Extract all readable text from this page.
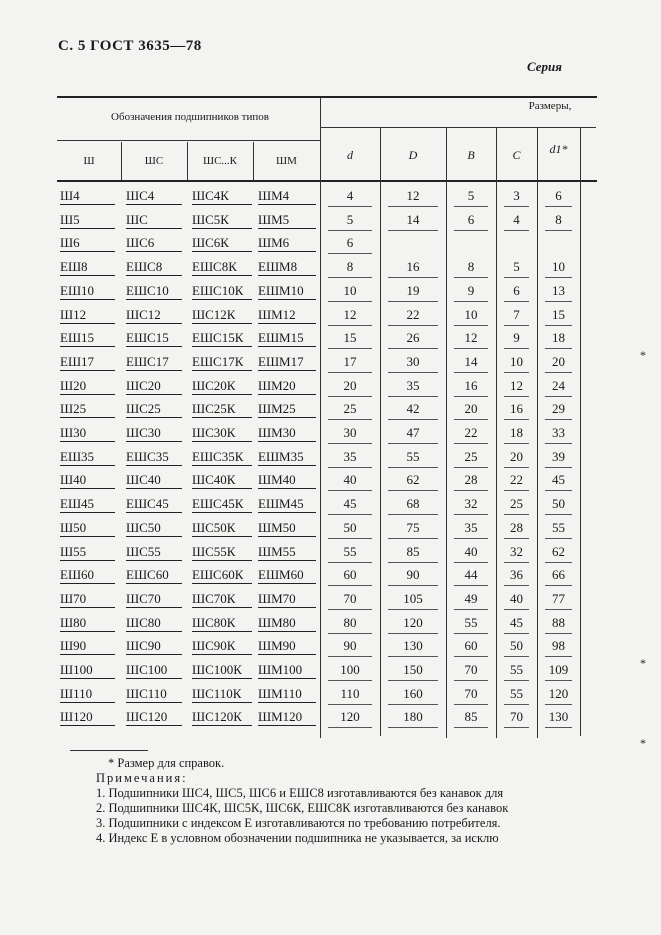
С. 5 ГОСТ 3635—78
Серия
Обозначения подшипников типов
Размеры,
Ш	ШС	ШС...К	ШМ	d	D	B	C	d1*
Ш4	ШС4	ШС4К	ШМ4	4	12	5	3	6
Ш5	ШС	ШС5К	ШМ5	5	14	6	4	8
Ш6	ШС6	ШС6К	ШМ6	6
ЕШ8	ЕШС8	ЕШС8К	ЕШМ8	8	16	8	5	10
ЕШ10	ЕШС10	ЕШС10К	ЕШМ10	10	19	9	6	13
Ш12	ШС12	ШС12К	ШМ12	12	22	10	7	15
ЕШ15	ЕШС15	ЕШС15К	ЕШМ15	15	26	12	9	18
ЕШ17	ЕШС17	ЕШС17К	ЕШМ17	17	30	14	10	20
Ш20	ШС20	ШС20К	ШМ20	20	35	16	12	24
Ш25	ШС25	ШС25К	ШМ25	25	42	20	16	29
Ш30	ШС30	ШС30К	ШМ30	30	47	22	18	33
ЕШ35	ЕШС35	ЕШС35К	ЕШМ35	35	55	25	20	39
Ш40	ШС40	ШС40К	ШМ40	40	62	28	22	45
ЕШ45	ЕШС45	ЕШС45К	ЕШМ45	45	68	32	25	50
Ш50	ШС50	ШС50К	ШМ50	50	75	35	28	55
Ш55	ШС55	ШС55К	ШМ55	55	85	40	32	62
ЕШ60	ЕШС60	ЕШС60К	ЕШМ60	60	90	44	36	66
Ш70	ШС70	ШС70К	ШМ70	70	105	49	40	77
Ш80	ШС80	ШС80К	ШМ80	80	120	55	45	88
Ш90	ШС90	ШС90К	ШМ90	90	130	60	50	98
Ш100	ШС100	ШС100К	ШМ100	100	150	70	55	109
Ш110	ШС110	ШС110К	ШМ110	110	160	70	55	120
Ш120	ШС120	ШС120К	ШМ120	120	180	85	70	130
* Размер для справок.
Примечания:
1. Подшипники ШС4, ШС5, ШС6 и ЕШС8 изготавливаются без канавок для
2. Подшипники ШС4К, ШС5К, ШС6К, ЕШС8К изготавливаются без канавок
3. Подшипники с индексом Е изготавливаются по требованию потребителя.
4. Индекс Е в условном обозначении подшипника не указывается, за исклю
*
*
*
